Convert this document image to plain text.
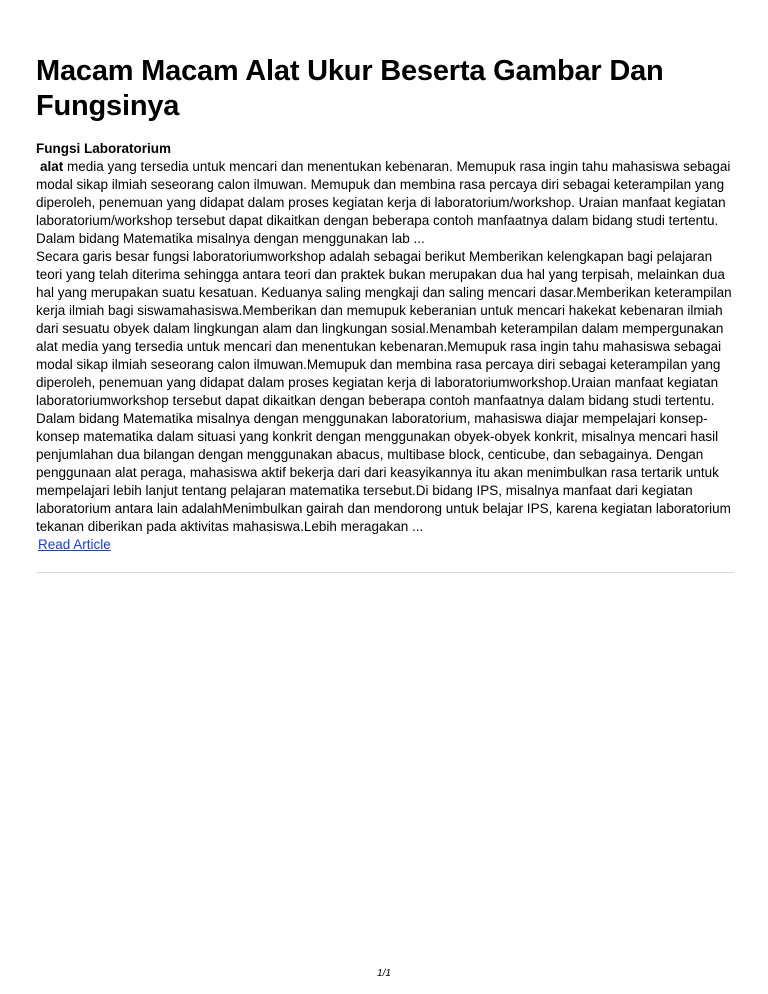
Macam Macam Alat Ukur Beserta Gambar Dan Fungsinya
Fungsi Laboratorium
alat media yang tersedia untuk mencari dan menentukan kebenaran. Memupuk rasa ingin tahu mahasiswa sebagai modal sikap ilmiah seseorang calon ilmuwan. Memupuk dan membina rasa percaya diri sebagai keterampilan yang diperoleh, penemuan yang didapat dalam proses kegiatan kerja di laboratorium/workshop. Uraian manfaat kegiatan laboratorium/workshop tersebut dapat dikaitkan dengan beberapa contoh manfaatnya dalam bidang studi tertentu. Dalam bidang Matematika misalnya dengan menggunakan lab ...
Secara garis besar fungsi laboratoriumworkshop adalah sebagai berikut Memberikan kelengkapan bagi pelajaran teori yang telah diterima sehingga antara teori dan praktek bukan merupakan dua hal yang terpisah, melainkan dua hal yang merupakan suatu kesatuan. Keduanya saling mengkaji dan saling mencari dasar.Memberikan keterampilan kerja ilmiah bagi siswamahasiswa.Memberikan dan memupuk keberanian untuk mencari hakekat kebenaran ilmiah dari sesuatu obyek dalam lingkungan alam dan lingkungan sosial.Menambah keterampilan dalam mempergunakan alat media yang tersedia untuk mencari dan menentukan kebenaran.Memupuk rasa ingin tahu mahasiswa sebagai modal sikap ilmiah seseorang calon ilmuwan.Memupuk dan membina rasa percaya diri sebagai keterampilan yang diperoleh, penemuan yang didapat dalam proses kegiatan kerja di laboratoriumworkshop.Uraian manfaat kegiatan laboratoriumworkshop tersebut dapat dikaitkan dengan beberapa contoh manfaatnya dalam bidang studi tertentu. Dalam bidang Matematika misalnya dengan menggunakan laboratorium, mahasiswa diajar mempelajari konsep-konsep matematika dalam situasi yang konkrit dengan menggunakan obyek-obyek konkrit, misalnya mencari hasil penjumlahan dua bilangan dengan menggunakan abacus, multibase block, centicube, dan sebagainya. Dengan penggunaan alat peraga, mahasiswa aktif bekerja dari dari keasyikannya itu akan menimbulkan rasa tertarik untuk mempelajari lebih lanjut tentang pelajaran matematika tersebut.Di bidang IPS, misalnya manfaat dari kegiatan laboratorium antara lain adalahMenimbulkan gairah dan mendorong untuk belajar IPS, karena kegiatan laboratorium tekanan diberikan pada aktivitas mahasiswa.Lebih meragakan ...
Read Article
1/1
